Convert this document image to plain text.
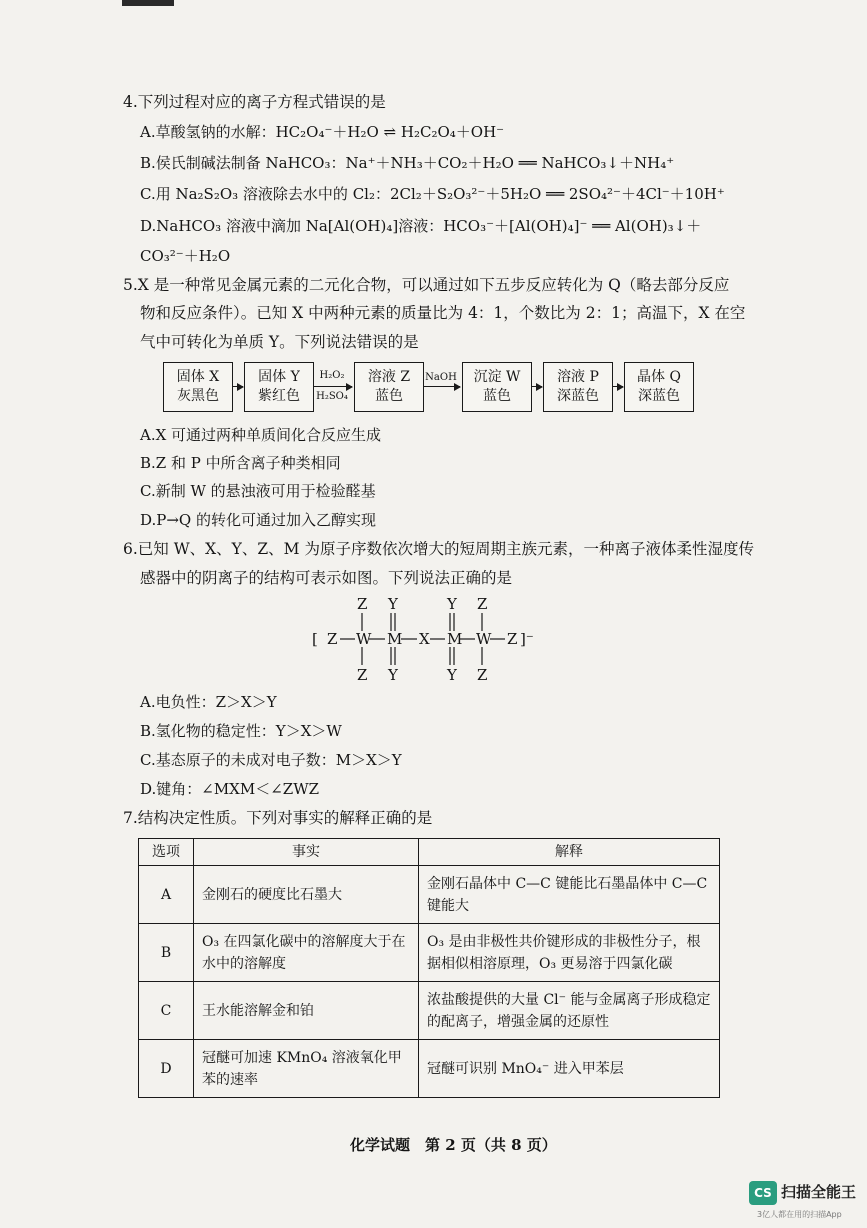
4.下列过程对应的离子方程式错误的是
A.草酸氢钠的水解：HC₂O₄⁻＋H₂O ⇌ H₂C₂O₄＋OH⁻
B.侯氏制碱法制备 NaHCO₃：Na⁺＋NH₃＋CO₂＋H₂O ══ NaHCO₃↓＋NH₄⁺
C.用 Na₂S₂O₃ 溶液除去水中的 Cl₂：2Cl₂＋S₂O₃²⁻＋5H₂O ══ 2SO₄²⁻＋4Cl⁻＋10H⁺
D.NaHCO₃ 溶液中滴加 Na[Al(OH)₄]溶液：HCO₃⁻＋[Al(OH)₄]⁻ ══ Al(OH)₃↓＋
CO₃²⁻＋H₂O
5.X 是一种常见金属元素的二元化合物，可以通过如下五步反应转化为 Q（略去部分反应
物和反应条件）。已知 X 中两种元素的质量比为 4：1，个数比为 2：1；高温下，X 在空
气中可转化为单质 Y。下列说法错误的是
固体 X
灰黑色
固体 Y
紫红色
H₂O₂
H₂SO₄
溶液 Z
蓝色
NaOH 沉淀 W
蓝色
溶液 P
深蓝色
晶体 Q
深蓝色
A.X 可通过两种单质间化合反应生成
B.Z 和 P 中所含离子种类相同
C.新制 W 的悬浊液可用于检验醛基
D.P→Q 的转化可通过加入乙醇实现
6.已知 W、X、Y、Z、M 为原子序数依次增大的短周期主族元素，一种离子液体柔性湿度传
感器中的阴离子的结构可表示如图。下列说法正确的是
[ Z W M X M W Z ]⁻
Z Y	Y Z
Z Y	Y Z
A.电负性：Z＞X＞Y
B.氢化物的稳定性：Y＞X＞W
C.基态原子的未成对电子数：M＞X＞Y
D.键角：∠MXM＜∠ZWZ
7.结构决定性质。下列对事实的解释正确的是
选项	事实	解释
A	金刚石的硬度比石墨大	金刚石晶体中 C—C 键能比石墨晶体中 C—C 键能大
B	O₃ 在四氯化碳中的溶解度大于在水中的溶解度	O₃ 是由非极性共价键形成的非极性分子，根据相似相溶原理，O₃ 更易溶于四氯化碳
C	王水能溶解金和铂	浓盐酸提供的大量 Cl⁻ 能与金属离子形成稳定的配离子，增强金属的还原性
D	冠醚可加速 KMnO₄ 溶液氧化甲苯的速率	冠醚可识别 MnO₄⁻ 进入甲苯层
化学试题　第 2 页（共 8 页）
CS 扫描全能王
3亿人都在用的扫描App
